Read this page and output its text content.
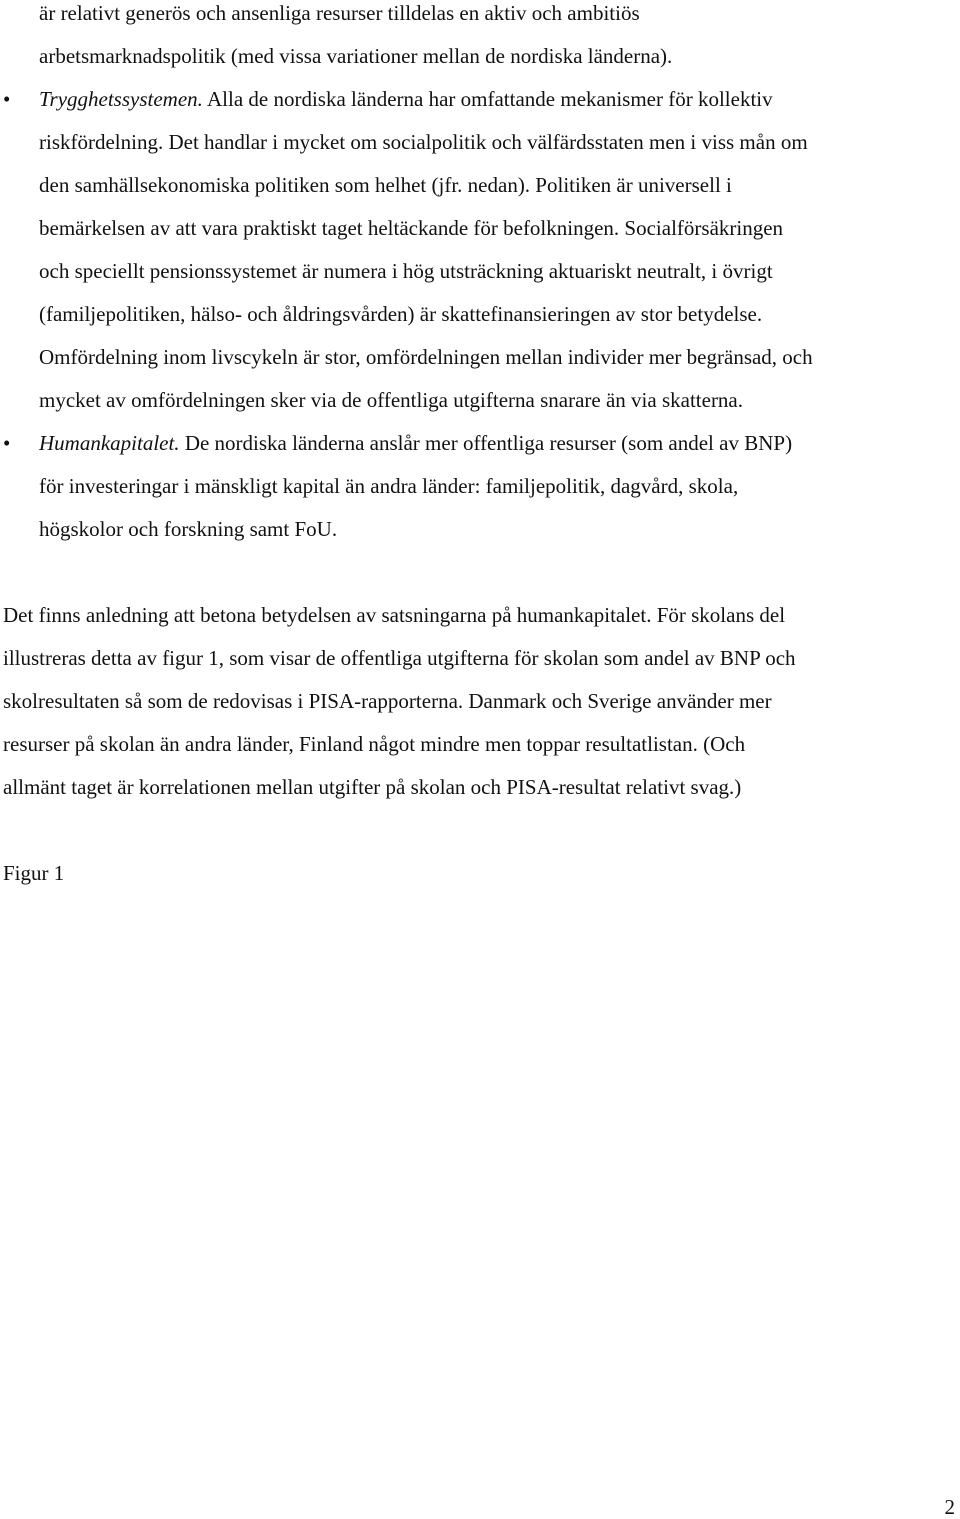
är relativt generös och ansenliga resurser tilldelas en aktiv och ambitiös
arbetsmarknadspolitik (med vissa variationer mellan de nordiska länderna).
• Trygghetssystemen. Alla de nordiska länderna har omfattande mekanismer för kollektiv
riskfördelning. Det handlar i mycket om socialpolitik och välfärdsstaten men i viss mån om
den samhällsekonomiska politiken som helhet (jfr. nedan). Politiken är universell i
bemärkelsen av att vara praktiskt taget heltäckande för befolkningen. Socialförsäkringen
och speciellt pensionssystemet är numera i hög utsträckning aktuariskt neutralt, i övrigt
(familjepolitiken, hälso- och åldringsvården) är skattefinansieringen av stor betydelse.
Omfördelning inom livscykeln är stor, omfördelningen mellan individer mer begränsad, och
mycket av omfördelningen sker via de offentliga utgifterna snarare än via skatterna.
• Humankapitalet. De nordiska länderna anslår mer offentliga resurser (som andel av BNP)
för investeringar i mänskligt kapital än andra länder: familjepolitik, dagvård, skola,
högskolor och forskning samt FoU.
Det finns anledning att betona betydelsen av satsningarna på humankapitalet. För skolans del
illustreras detta av figur 1, som visar de offentliga utgifterna för skolan som andel av BNP och
skolresultaten så som de redovisas i PISA-rapporterna. Danmark och Sverige använder mer
resurser på skolan än andra länder, Finland något mindre men toppar resultatlistan. (Och
allmänt taget är korrelationen mellan utgifter på skolan och PISA-resultat relativt svag.)
Figur 1
2
